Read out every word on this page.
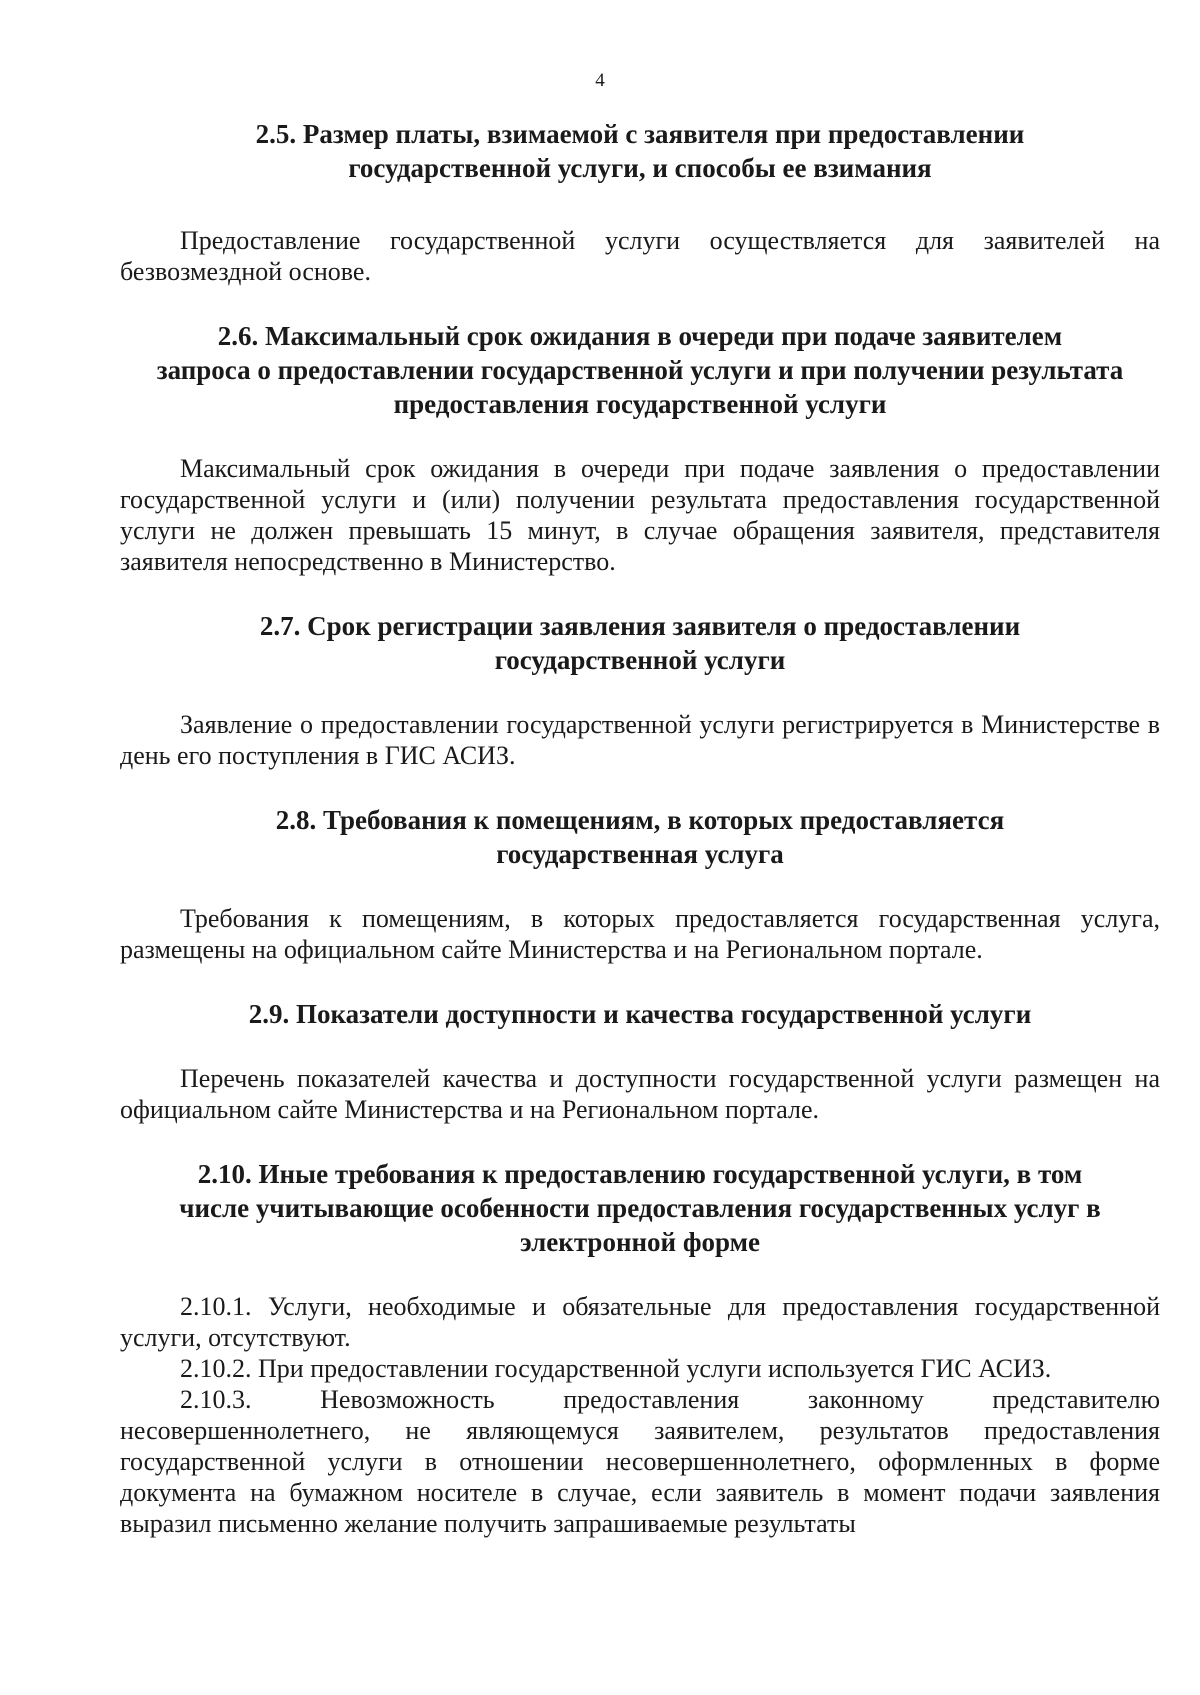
4

2.5. Размер платы, взимаемой с заявителя при предоставлении

государственной услуги, и способы ее взимания

Предоставление государственной услуги осуществляется для заявителей на безвозмездной основе.

2.6. Максимальный срок ожидания в очереди при подаче заявителем

запроса о предоставлении государственной услуги и при получении результата

предоставления государственной услуги

Максимальный срок ожидания в очереди при подаче заявления о предоставлении государственной услуги и (или) получении результата предоставления государственной услуги не должен превышать 15 минут, в случае обращения заявителя, представителя заявителя непосредственно в Министерство.

2.7. Срок регистрации заявления заявителя о предоставлении

государственной услуги

Заявление о предоставлении государственной услуги регистрируется в Министерстве в день его поступления в ГИС АСИЗ.

2.8. Требования к помещениям, в которых предоставляется

государственная услуга

Требования к помещениям, в которых предоставляется государственная услуга, размещены на официальном сайте Министерства и на Региональном портале.

2.9. Показатели доступности и качества государственной услуги

Перечень показателей качества и доступности государственной услуги размещен на официальном сайте Министерства и на Региональном портале.

2.10. Иные требования к предоставлению государственной услуги, в том

числе учитывающие особенности предоставления государственных услуг в

электронной форме

2.10.1. Услуги, необходимые и обязательные для предоставления государственной услуги, отсутствуют.

2.10.2. При предоставлении государственной услуги используется ГИС АСИЗ.

2.10.3. Невозможность предоставления законному представителю несовершеннолетнего, не являющемуся заявителем, результатов предоставления государственной услуги в отношении несовершеннолетнего, оформленных в форме документа на бумажном носителе в случае, если заявитель в момент подачи заявления выразил письменно желание получить запрашиваемые результаты
